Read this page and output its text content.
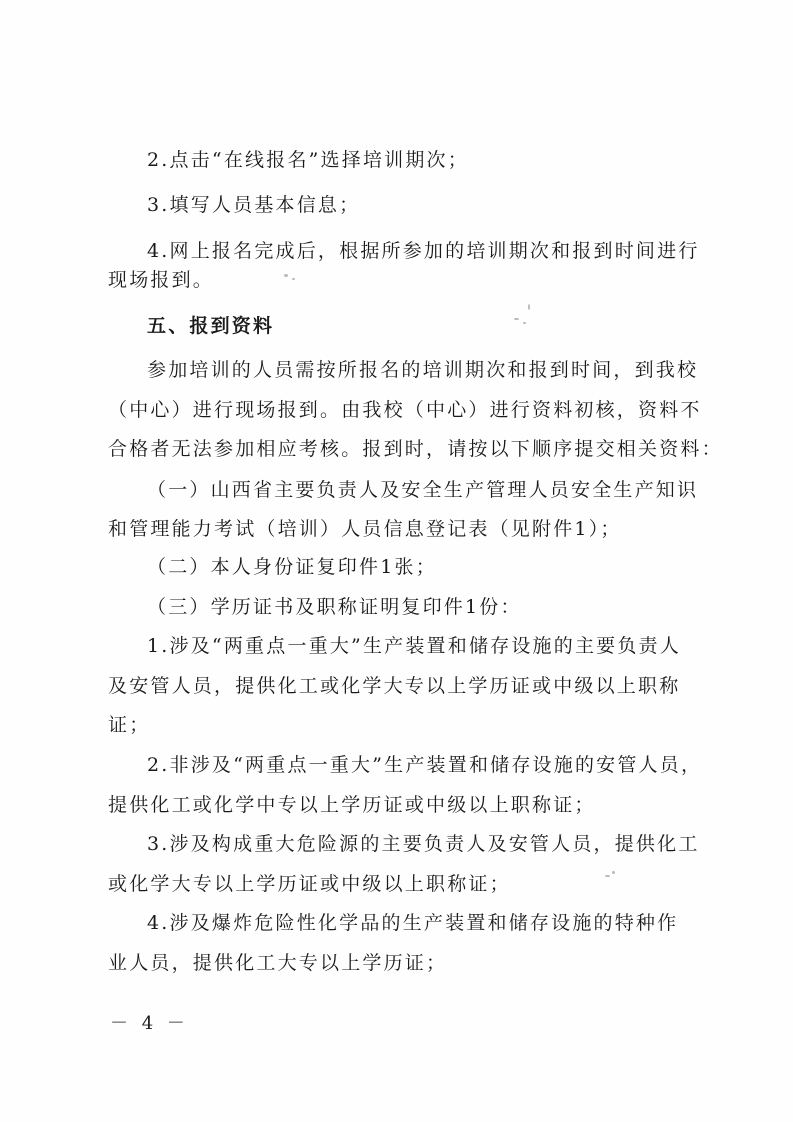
2.点击“在线报名”选择培训期次；
3.填写人员基本信息；
4.网上报名完成后，根据所参加的培训期次和报到时间进行
现场报到。
五、报到资料
参加培训的人员需按所报名的培训期次和报到时间，到我校
（中心）进行现场报到。由我校（中心）进行资料初核，资料不
合格者无法参加相应考核。报到时，请按以下顺序提交相关资料：
（一）山西省主要负责人及安全生产管理人员安全生产知识
和管理能力考试（培训）人员信息登记表（见附件1）；
（二）本人身份证复印件1张；
（三）学历证书及职称证明复印件1份：
1.涉及“两重点一重大”生产装置和储存设施的主要负责人
及安管人员，提供化工或化学大专以上学历证或中级以上职称
证；
2.非涉及“两重点一重大”生产装置和储存设施的安管人员，
提供化工或化学中专以上学历证或中级以上职称证；
3.涉及构成重大危险源的主要负责人及安管人员，提供化工
或化学大专以上学历证或中级以上职称证；
4.涉及爆炸危险性化学品的生产装置和储存设施的特种作
业人员，提供化工大专以上学历证；
－ 4 －
